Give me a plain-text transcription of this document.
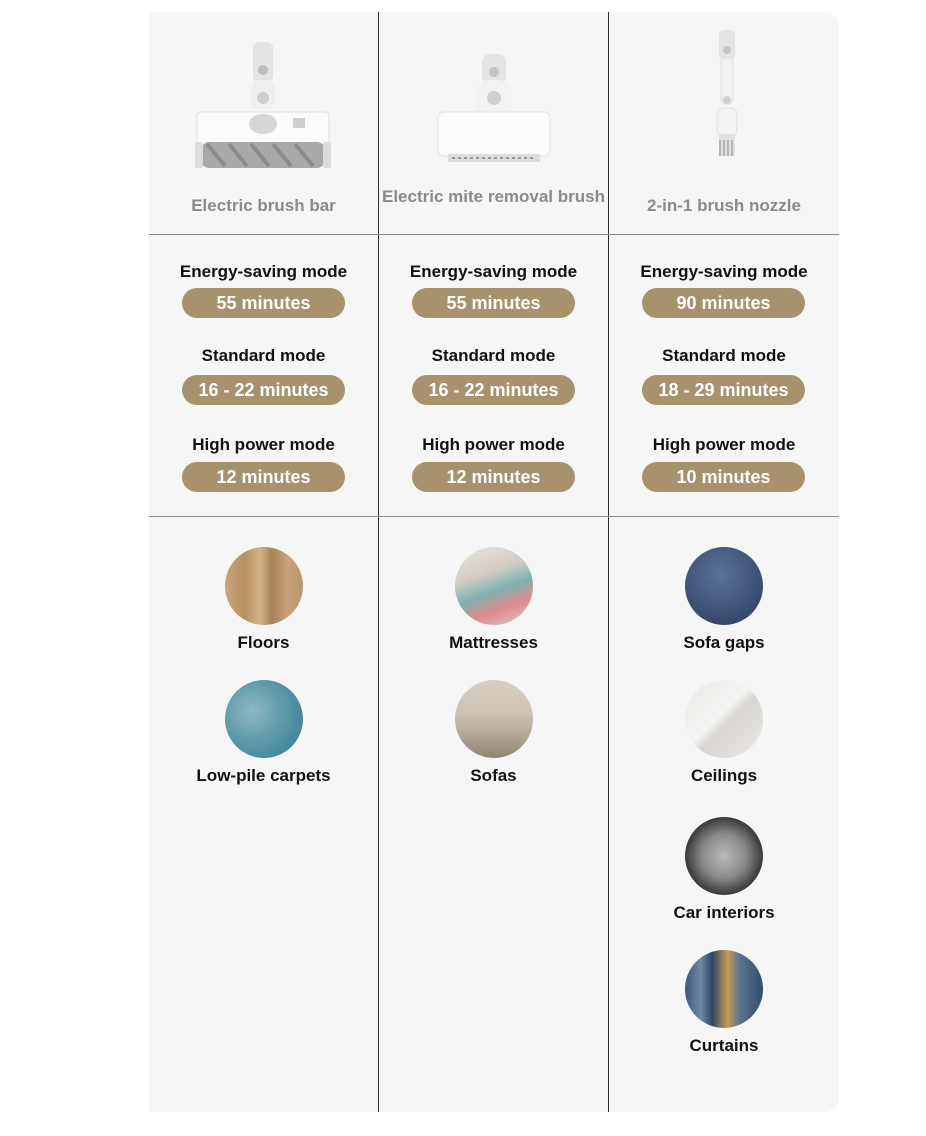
Electric brush bar
Energy-saving mode
55 minutes
Standard mode
16 - 22 minutes
High power mode
12 minutes
Floors
Low-pile carpets
Electric mite removal brush
Energy-saving mode
55 minutes
Standard mode
16 - 22 minutes
High power mode
12 minutes
Mattresses
Sofas
2-in-1 brush nozzle
Energy-saving mode
90 minutes
Standard mode
18 - 29 minutes
High power mode
10 minutes
Sofa gaps
Ceilings
Car interiors
Curtains
